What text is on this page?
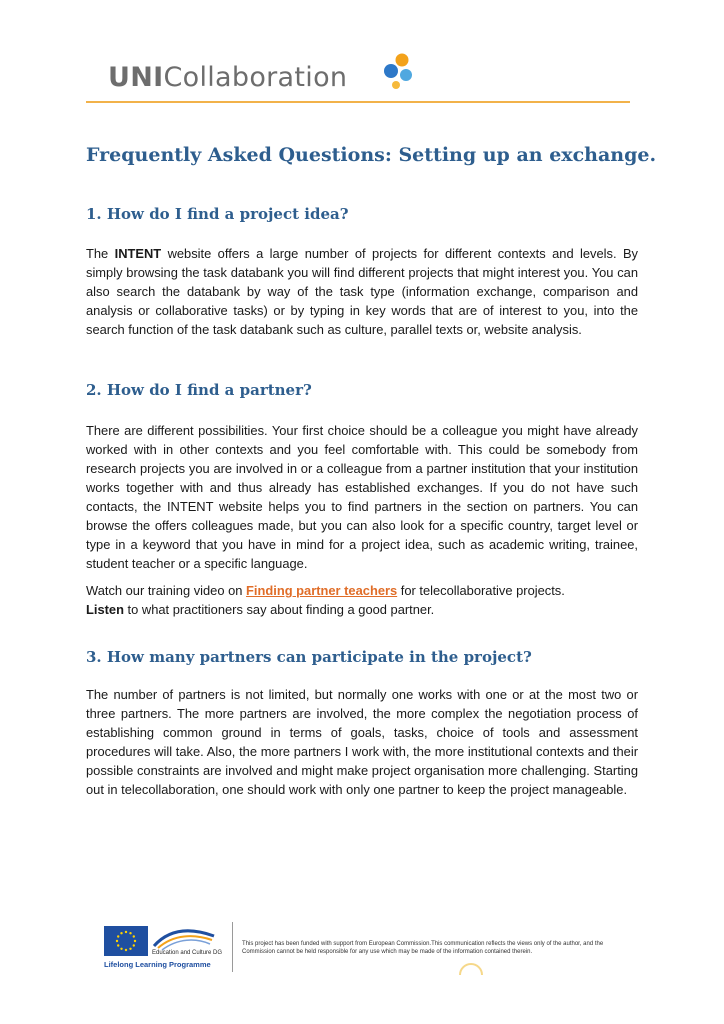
UNICollaboration
Frequently Asked Questions: Setting up an exchange.
1. How do I find a project idea?

The INTENT website offers a large number of projects for different contexts and levels. By simply browsing the task databank you will find different projects that might interest you. You can also search the databank by way of the task type (information exchange, comparison and analysis or collaborative tasks) or by typing in key words that are of interest to you, into the search function of the task databank such as culture, parallel texts or, website analysis.

2. How do I find a partner?

There are different possibilities. Your first choice should be a colleague you might have already worked with in other contexts and you feel comfortable with. This could be somebody from research projects you are involved in or a colleague from a partner institution that your institution works together with and thus already has established exchanges. If you do not have such contacts, the INTENT website helps you to find partners in the section on partners. You can browse the offers colleagues made, but you can also look for a specific country, target level or type in a keyword that you have in mind for a project idea, such as academic writing, trainee, student teacher or a specific language.

Watch our training video on Finding partner teachers for telecollaborative projects.

Listen to what practitioners say about finding a good partner.

3. How many partners can participate in the project?

The number of partners is not limited, but normally one works with one or at the most two or three partners. The more partners are involved, the more complex the negotiation process of establishing common ground in terms of goals, tasks, choice of tools and assessment procedures will take. Also, the more partners I work with, the more institutional contexts and their possible constraints are involved and might make project organisation more challenging. Starting out in telecollaboration, one should work with only one partner to keep the project manageable.

Education and Culture DG
Lifelong Learning Programme
This project has been funded with support from European Commission.This communication reflects the views only of the author, and the Commission cannot be held responsible for any use which may be made of the information contained therein.
